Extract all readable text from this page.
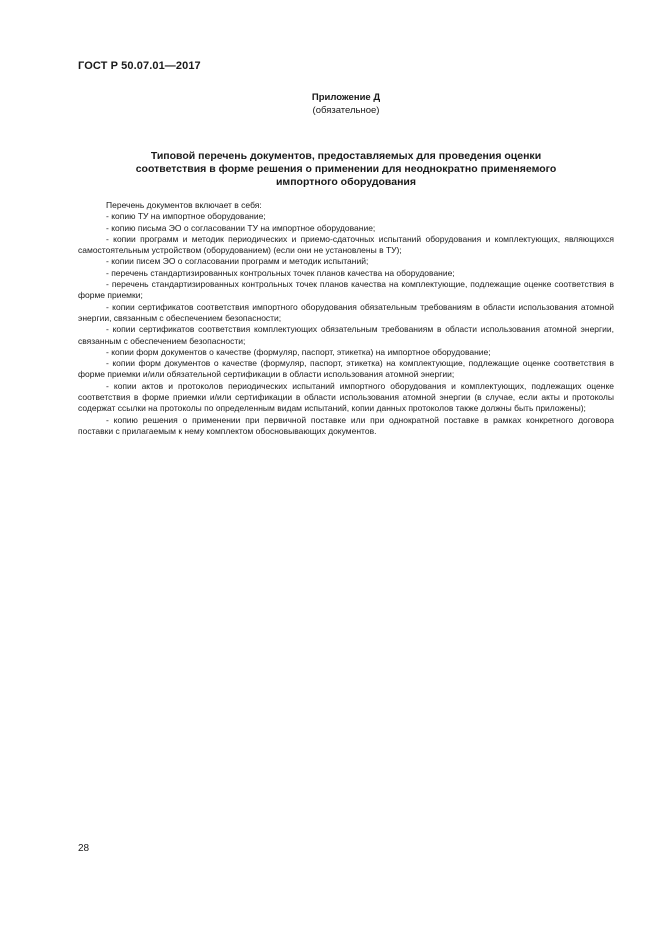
ГОСТ Р 50.07.01—2017
Приложение Д
(обязательное)
Типовой перечень документов, предоставляемых для проведения оценки
соответствия в форме решения о применении для неоднократно применяемого
импортного оборудования

Перечень документов включает в себя:

- копию ТУ на импортное оборудование;

- копию письма ЭО о согласовании ТУ на импортное оборудование;

- копии программ и методик периодических и приемо-сдаточных испытаний оборудования и комплектующих, являющихся самостоятельным устройством (оборудованием) (если они не установлены в ТУ);

- копии писем ЭО о согласовании программ и методик испытаний;

- перечень стандартизированных контрольных точек планов качества на оборудование;

- перечень стандартизированных контрольных точек планов качества на комплектующие, подлежащие оценке соответствия в форме приемки;

- копии сертификатов соответствия импортного оборудования обязательным требованиям в области использования атомной энергии, связанным с обеспечением безопасности;

- копии сертификатов соответствия комплектующих обязательным требованиям в области использования атомной энергии, связанным с обеспечением безопасности;

- копии форм документов о качестве (формуляр, паспорт, этикетка) на импортное оборудование;

- копии форм документов о качестве (формуляр, паспорт, этикетка) на комплектующие, подлежащие оценке соответствия в форме приемки и/или обязательной сертификации в области использования атомной энергии;

- копии актов и протоколов периодических испытаний импортного оборудования и комплектующих, подлежащих оценке соответствия в форме приемки и/или сертификации в области использования атомной энергии (в случае, если акты и протоколы содержат ссылки на протоколы по определенным видам испытаний, копии данных протоколов также должны быть приложены);

- копию решения о применении при первичной поставке или при однократной поставке в рамках конкретного договора поставки с прилагаемым к нему комплектом обосновывающих документов.

28
